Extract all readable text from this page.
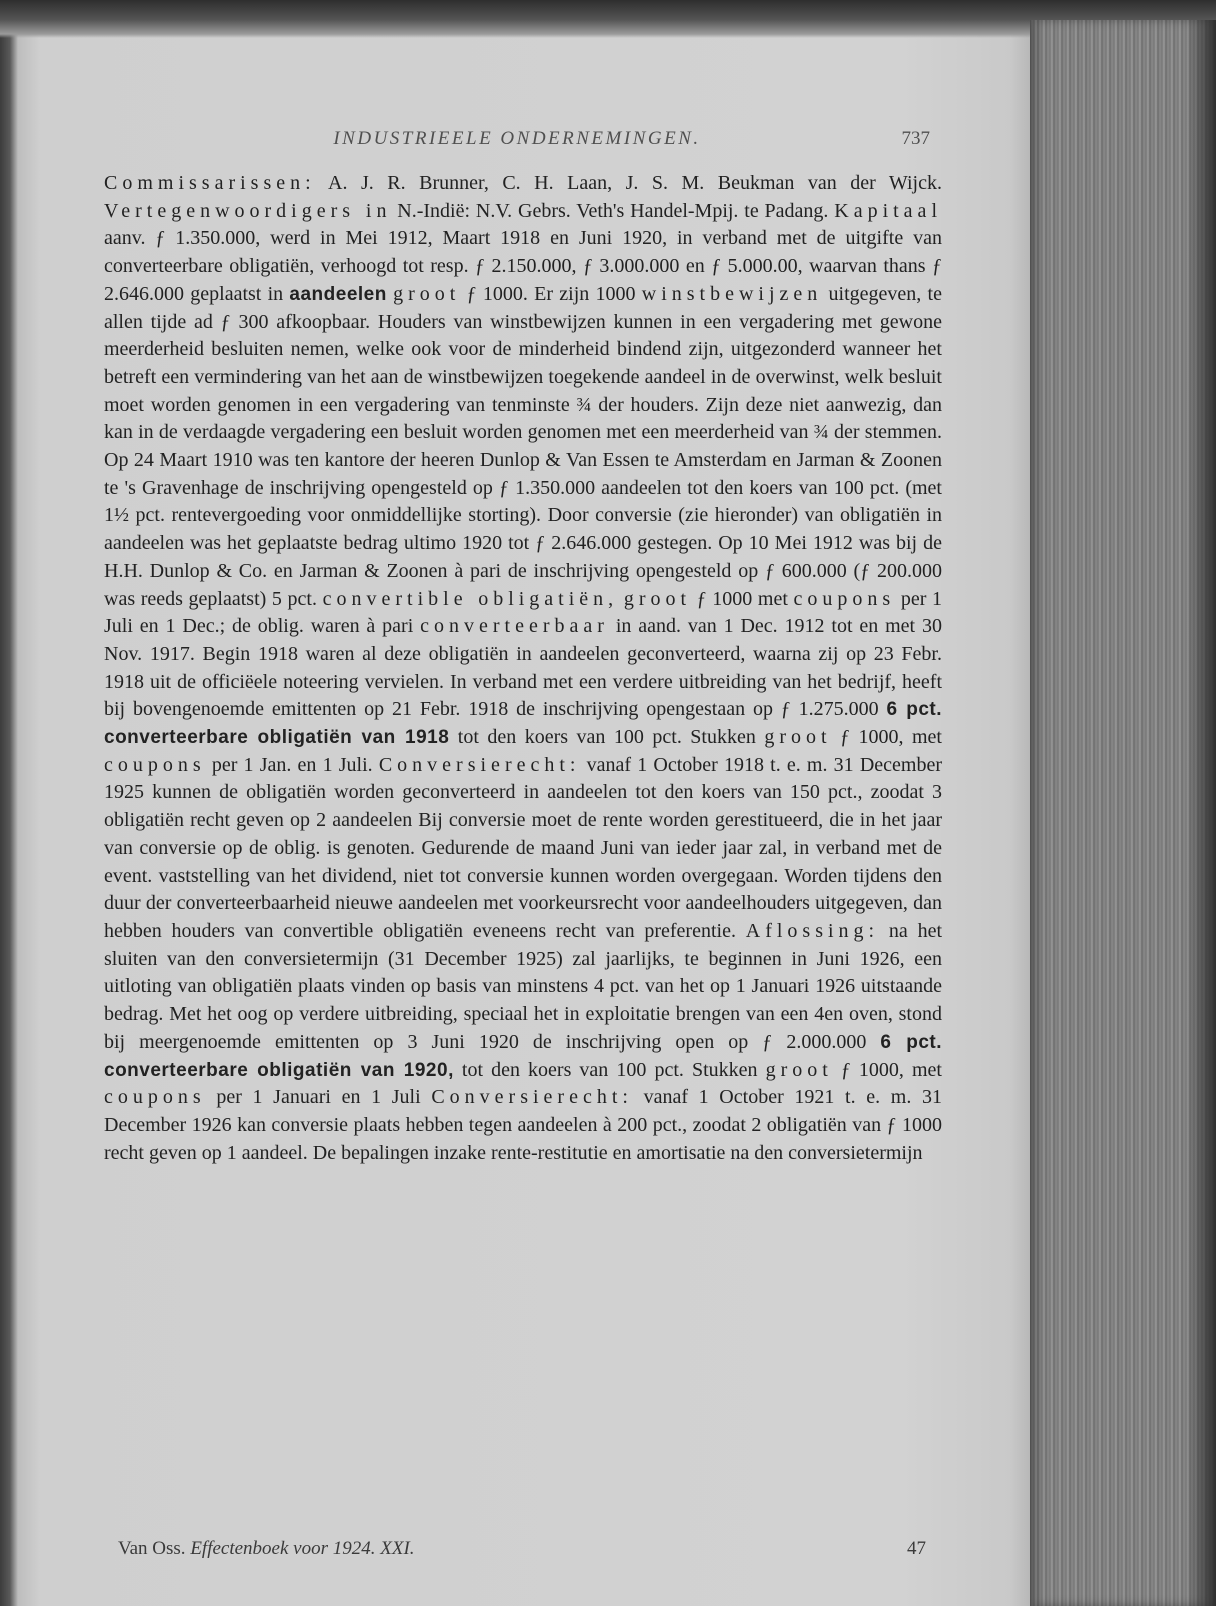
INDUSTRIEELE ONDERNEMINGEN.	737

Commissarissen: A. J. R. Brunner, C. H. Laan, J. S. M. Beukman van der Wijck. Vertegenwoordigers in N.-Indië: N.V. Gebrs. Veth's Handel-Mpij. te Padang. Kapitaal aanv. ƒ 1.350.000, werd in Mei 1912, Maart 1918 en Juni 1920, in verband met de uitgifte van converteerbare obligatiën, verhoogd tot resp. ƒ 2.150.000, ƒ 3.000.000 en ƒ 5.000.00, waarvan thans ƒ 2.646.000 geplaatst in aandeelen groot ƒ 1000. Er zijn 1000 winstbewijzen uitgegeven, te allen tijde ad ƒ 300 afkoopbaar. Houders van winstbewijzen kunnen in een vergadering met gewone meerderheid besluiten nemen, welke ook voor de minderheid bindend zijn, uitgezonderd wanneer het betreft een vermindering van het aan de winstbewijzen toegekende aandeel in de overwinst, welk besluit moet worden genomen in een vergadering van tenminste ¾ der houders. Zijn deze niet aanwezig, dan kan in de verdaagde vergadering een besluit worden genomen met een meerderheid van ¾ der stemmen. Op 24 Maart 1910 was ten kantore der heeren Dunlop & Van Essen te Amsterdam en Jarman & Zoonen te 's Gravenhage de inschrijving opengesteld op ƒ 1.350.000 aandeelen tot den koers van 100 pct. (met 1½ pct. rentevergoeding voor onmiddellijke storting). Door conversie (zie hieronder) van obligatiën in aandeelen was het geplaatste bedrag ultimo 1920 tot ƒ 2.646.000 gestegen. Op 10 Mei 1912 was bij de H.H. Dunlop & Co. en Jarman & Zoonen à pari de inschrijving opengesteld op ƒ 600.000 (ƒ 200.000 was reeds geplaatst) 5 pct. convertible obligatiën, groot ƒ 1000 met coupons per 1 Juli en 1 Dec.; de oblig. waren à pari converteerbaar in aand. van 1 Dec. 1912 tot en met 30 Nov. 1917. Begin 1918 waren al deze obligatiën in aandeelen geconverteerd, waarna zij op 23 Febr. 1918 uit de officiëele noteering vervielen. In verband met een verdere uitbreiding van het bedrijf, heeft bij bovengenoemde emittenten op 21 Febr. 1918 de inschrijving opengestaan op ƒ 1.275.000 6 pct. converteerbare obligatiën van 1918 tot den koers van 100 pct. Stukken groot ƒ 1000, met coupons per 1 Jan. en 1 Juli. Conversierecht: vanaf 1 October 1918 t. e. m. 31 December 1925 kunnen de obligatiën worden geconverteerd in aandeelen tot den koers van 150 pct., zoodat 3 obligatiën recht geven op 2 aandeelen Bij conversie moet de rente worden gerestitueerd, die in het jaar van conversie op de oblig. is genoten. Gedurende de maand Juni van ieder jaar zal, in verband met de event. vaststelling van het dividend, niet tot conversie kunnen worden overgegaan. Worden tijdens den duur der converteerbaarheid nieuwe aandeelen met voorkeursrecht voor aandeelhouders uitgegeven, dan hebben houders van convertible obligatiën eveneens recht van preferentie. Aflossing: na het sluiten van den conversietermijn (31 December 1925) zal jaarlijks, te beginnen in Juni 1926, een uitloting van obligatiën plaats vinden op basis van minstens 4 pct. van het op 1 Januari 1926 uitstaande bedrag. Met het oog op verdere uitbreiding, speciaal het in exploitatie brengen van een 4en oven, stond bij meergenoemde emittenten op 3 Juni 1920 de inschrijving open op ƒ 2.000.000 6 pct. converteerbare obligatiën van 1920, tot den koers van 100 pct. Stukken groot ƒ 1000, met coupons per 1 Januari en 1 Juli Conversierecht: vanaf 1 October 1921 t. e. m. 31 December 1926 kan conversie plaats hebben tegen aandeelen à 200 pct., zoodat 2 obligatiën van ƒ 1000 recht geven op 1 aandeel. De bepalingen inzake rente-restitutie en amortisatie na den conversietermijn

Van Oss. Effectenboek voor 1924. XXI.	47
